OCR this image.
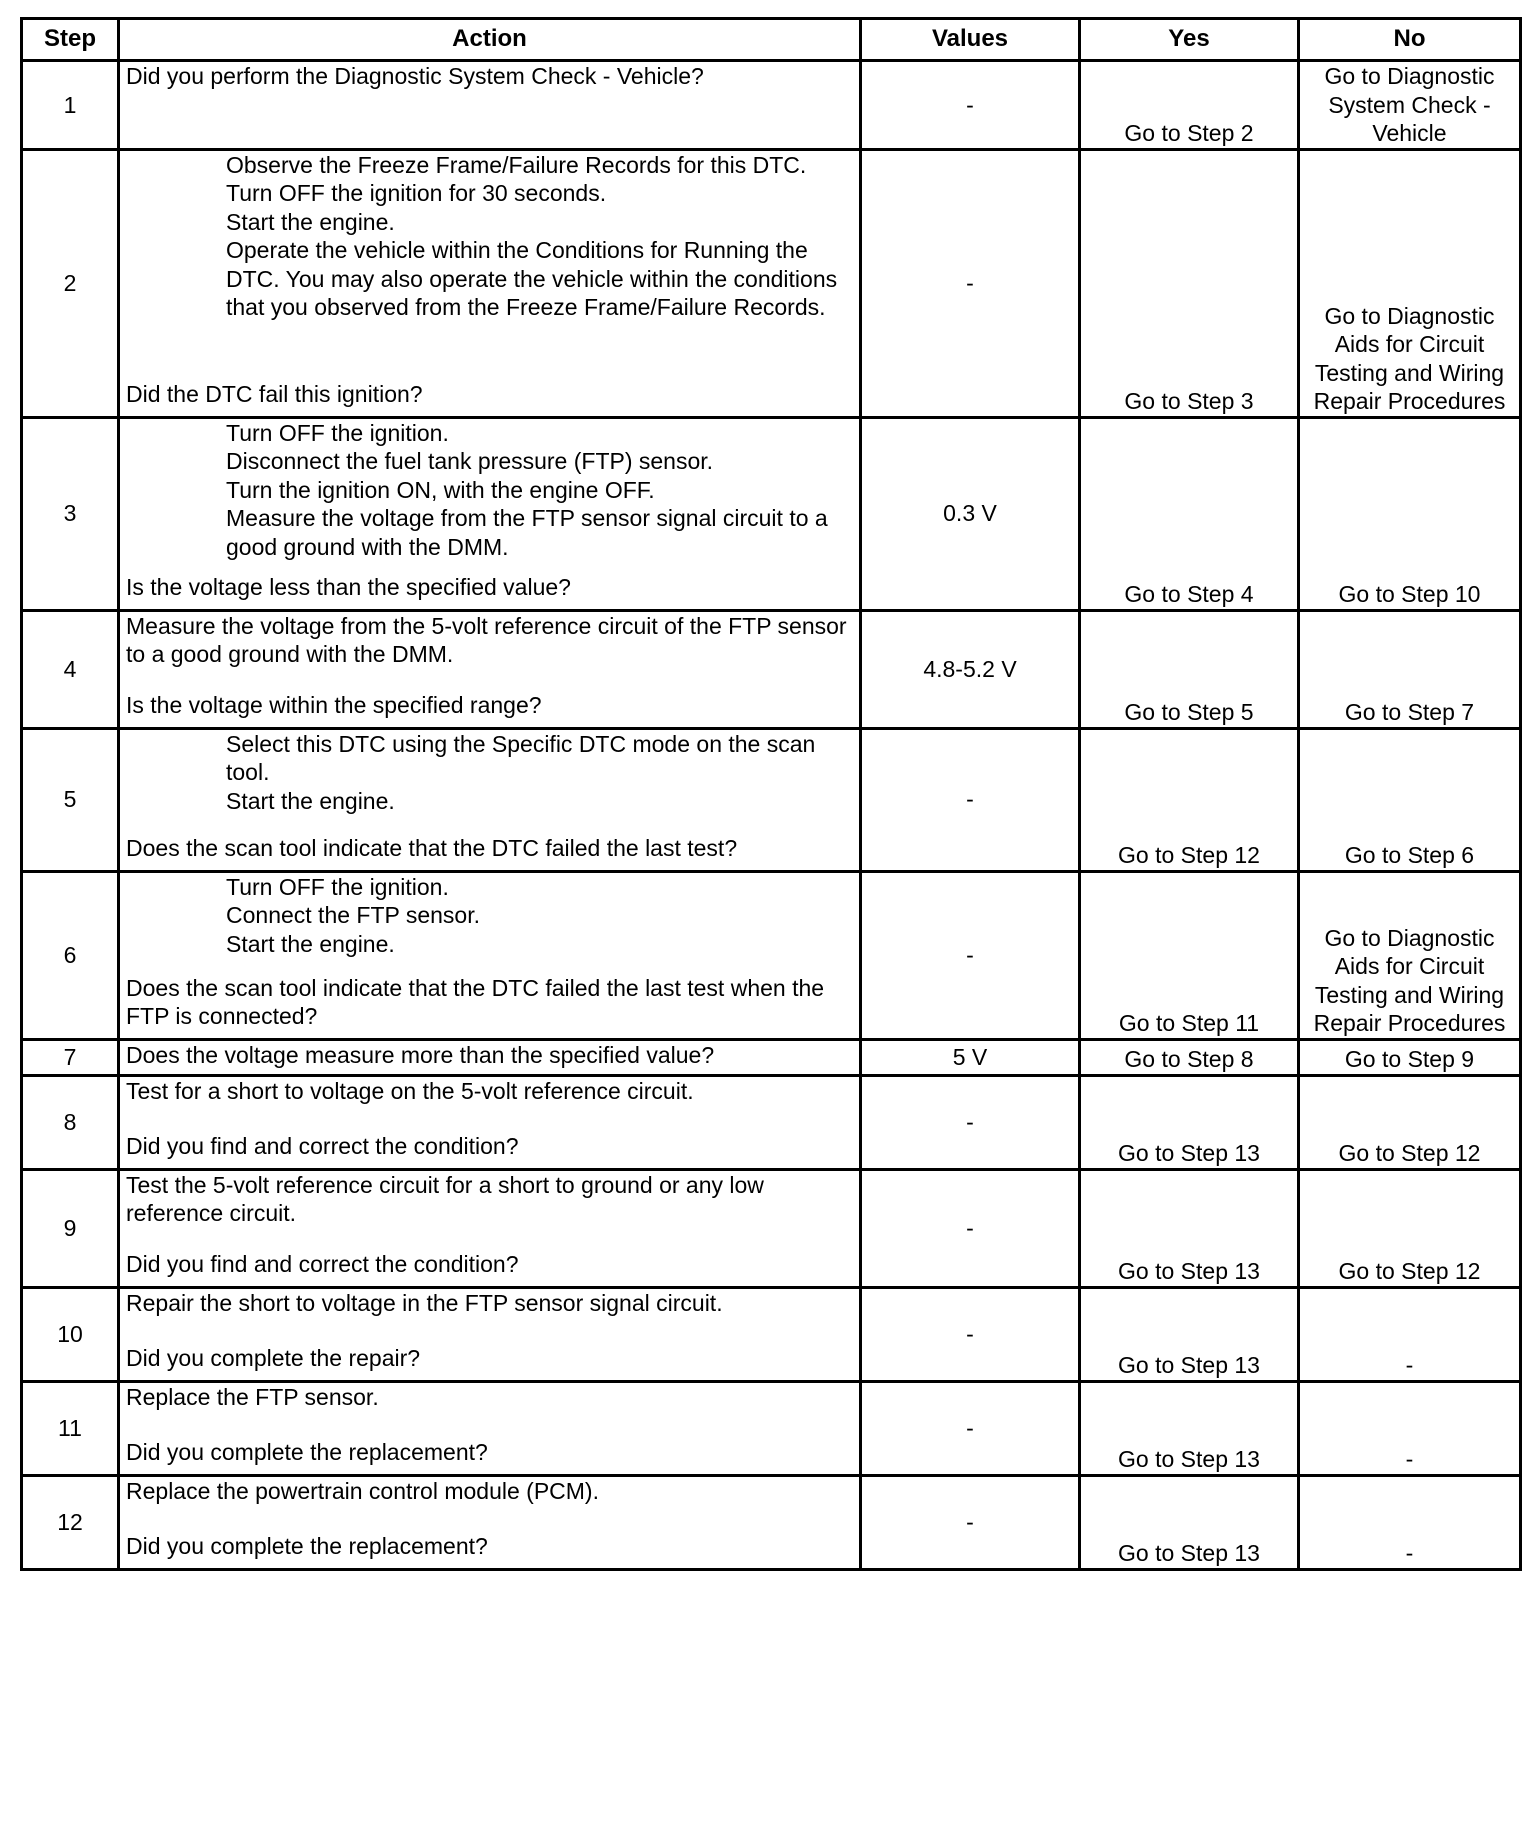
Step	Action	Values	Yes	No
1	Did you perform the Diagnostic System Check - Vehicle?	-	Go to Step 2	Go to Diagnostic System Check - Vehicle
2	Observe the Freeze Frame/Failure Records for this DTC.
Turn OFF the ignition for 30 seconds.
Start the engine.
Operate the vehicle within the Conditions for Running the DTC. You may also operate the vehicle within the conditions that you observed from the Freeze Frame/Failure Records.
Did the DTC fail this ignition?	-	Go to Step 3	Go to Diagnostic Aids for Circuit Testing and Wiring Repair Procedures
3	Turn OFF the ignition.
Disconnect the fuel tank pressure (FTP) sensor.
Turn the ignition ON, with the engine OFF.
Measure the voltage from the FTP sensor signal circuit to a good ground with the DMM.
Is the voltage less than the specified value?	0.3 V	Go to Step 4	Go to Step 10
4	Measure the voltage from the 5-volt reference circuit of the FTP sensor to a good ground with the DMM.
Is the voltage within the specified range?	4.8-5.2 V	Go to Step 5	Go to Step 7
5	Select this DTC using the Specific DTC mode on the scan tool.
Start the engine.
Does the scan tool indicate that the DTC failed the last test?	-	Go to Step 12	Go to Step 6
6	Turn OFF the ignition.
Connect the FTP sensor.
Start the engine.
Does the scan tool indicate that the DTC failed the last test when the FTP is connected?	-	Go to Step 11	Go to Diagnostic Aids for Circuit Testing and Wiring Repair Procedures
7	Does the voltage measure more than the specified value?	5 V	Go to Step 8	Go to Step 9
8	Test for a short to voltage on the 5-volt reference circuit.
Did you find and correct the condition?	-	Go to Step 13	Go to Step 12
9	Test the 5-volt reference circuit for a short to ground or any low reference circuit.
Did you find and correct the condition?	-	Go to Step 13	Go to Step 12
10	Repair the short to voltage in the FTP sensor signal circuit.
Did you complete the repair?	-	Go to Step 13	-
11	Replace the FTP sensor.
Did you complete the replacement?	-	Go to Step 13	-
12	Replace the powertrain control module (PCM).
Did you complete the replacement?	-	Go to Step 13	-
